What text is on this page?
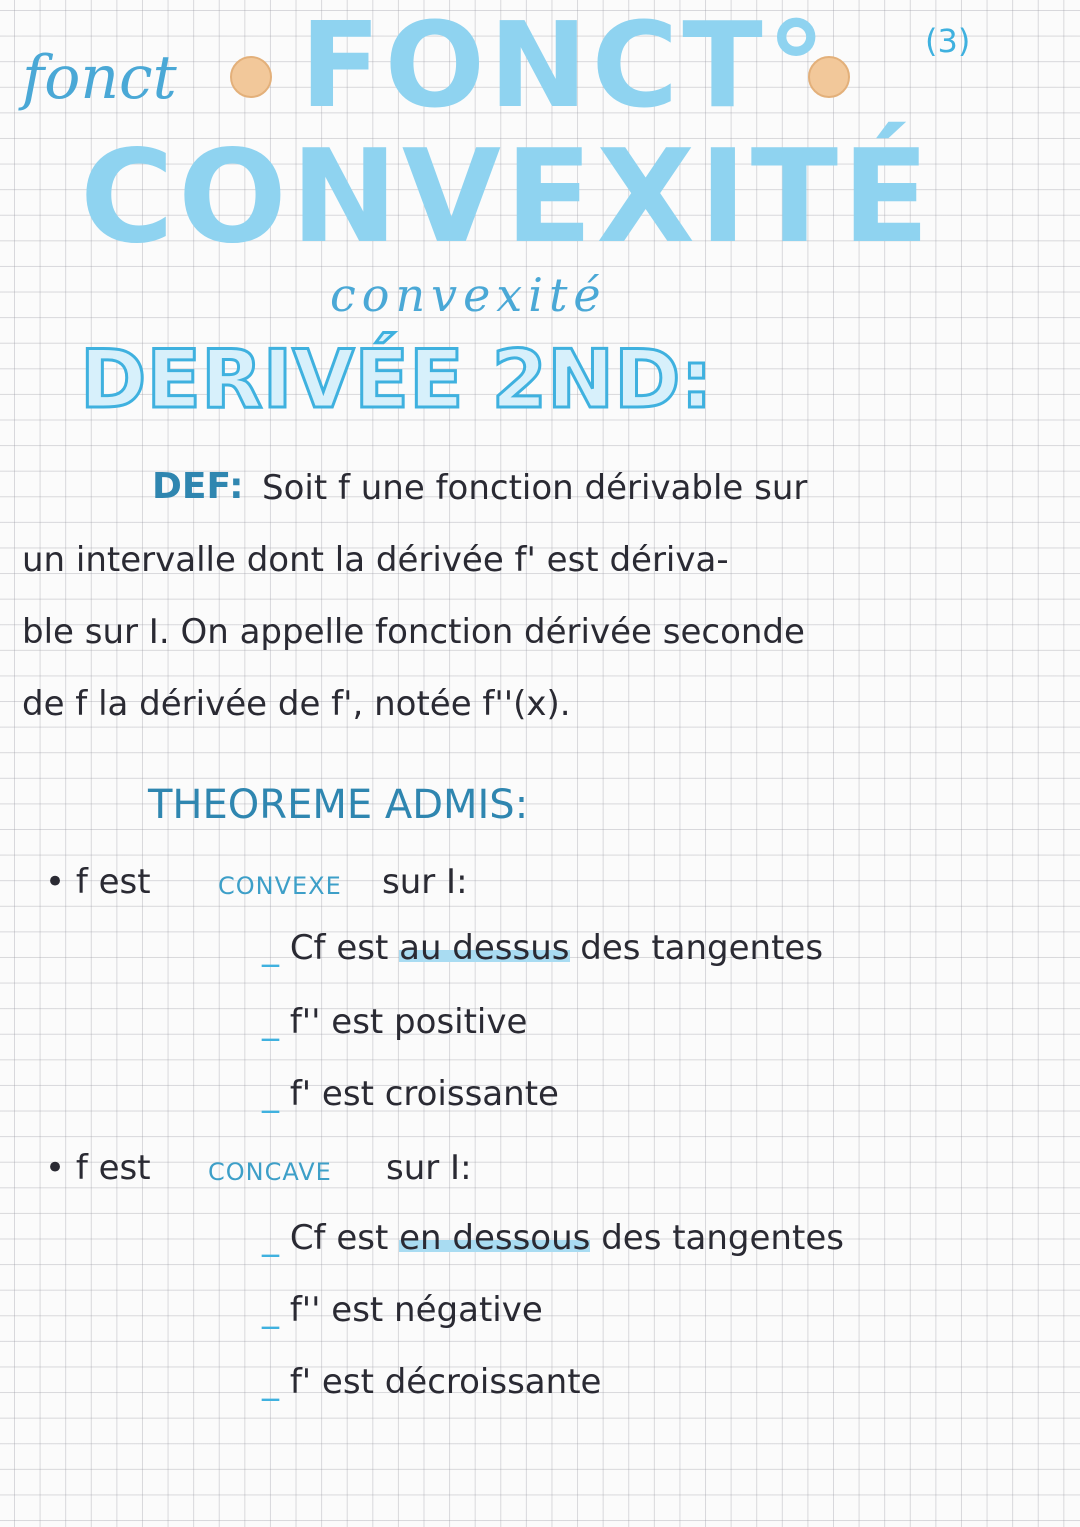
(3)
fonct FONCT°
CONVEXITÉ
convexité
DERIVÉE 2ND:
DEF: Soit f une fonction dérivable sur
un intervalle dont la dérivée f' est dériva-
ble sur I. On appelle fonction dérivée seconde
de f la dérivée de f', notée f''(x).
THEOREME ADMIS:
• f est	CONVEXE sur I:
_ Cf est au dessus des tangentes
_ f'' est positive
_ f' est croissante
• f est CONCAVE sur I:
_ Cf est en dessous des tangentes
_ f'' est négative
_ f' est décroissante
